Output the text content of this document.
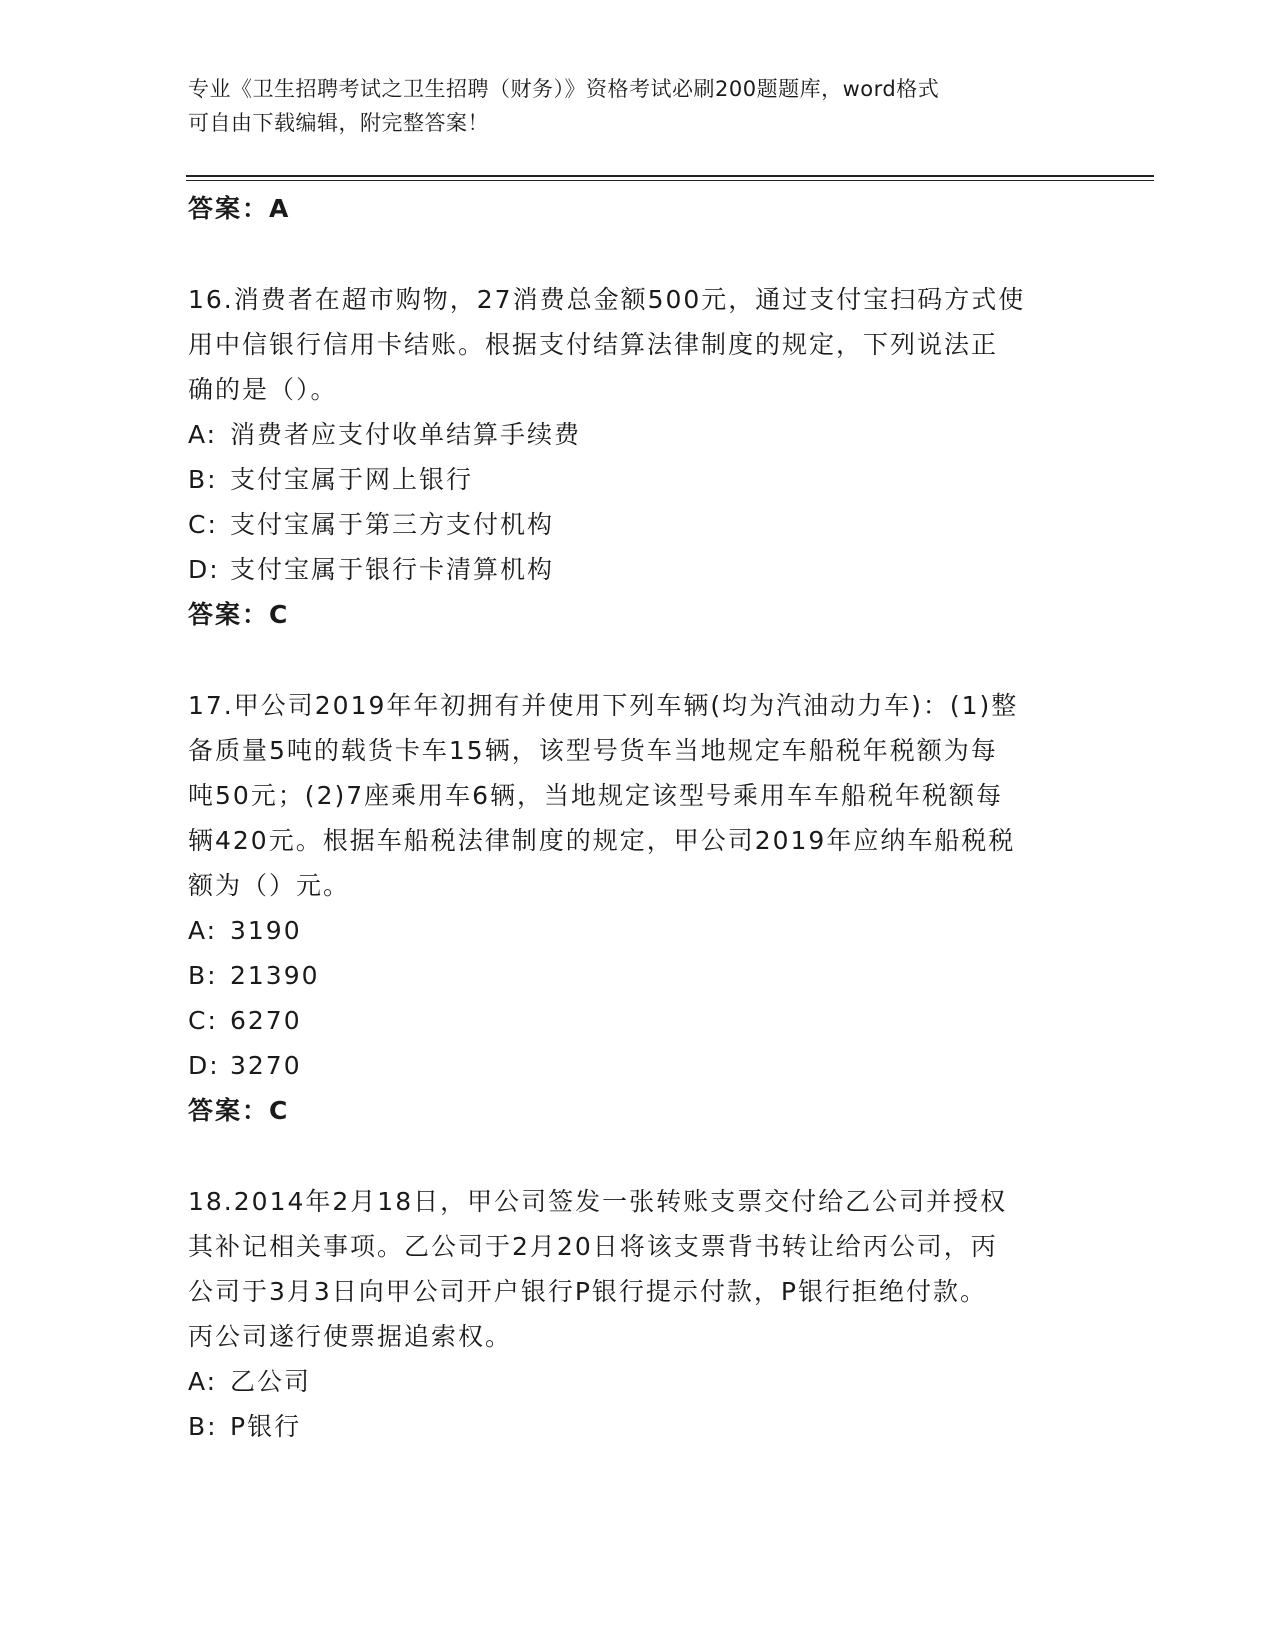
专业《卫生招聘考试之卫生招聘（财务）》资格考试必刷200题题库，word格式
可自由下载编辑，附完整答案！
答案：A
16.消费者在超市购物，27消费总金额500元，通过支付宝扫码方式使
用中信银行信用卡结账。根据支付结算法律制度的规定，下列说法正
确的是（）。
A: 消费者应支付收单结算手续费
B: 支付宝属于网上银行
C: 支付宝属于第三方支付机构
D: 支付宝属于银行卡清算机构
答案：C
17.甲公司2019年年初拥有并使用下列车辆(均为汽油动力车)：(1)整
备质量5吨的载货卡车15辆，该型号货车当地规定车船税年税额为每
吨50元；(2)7座乘用车6辆，当地规定该型号乘用车车船税年税额每
辆420元。根据车船税法律制度的规定，甲公司2019年应纳车船税税
额为（）元。
A: 3190
B: 21390
C: 6270
D: 3270
答案：C
18.2014年2月18日，甲公司签发一张转账支票交付给乙公司并授权
其补记相关事项。乙公司于2月20日将该支票背书转让给丙公司，丙
公司于3月3日向甲公司开户银行P银行提示付款，P银行拒绝付款。
丙公司遂行使票据追索权。
A: 乙公司
B: P银行
